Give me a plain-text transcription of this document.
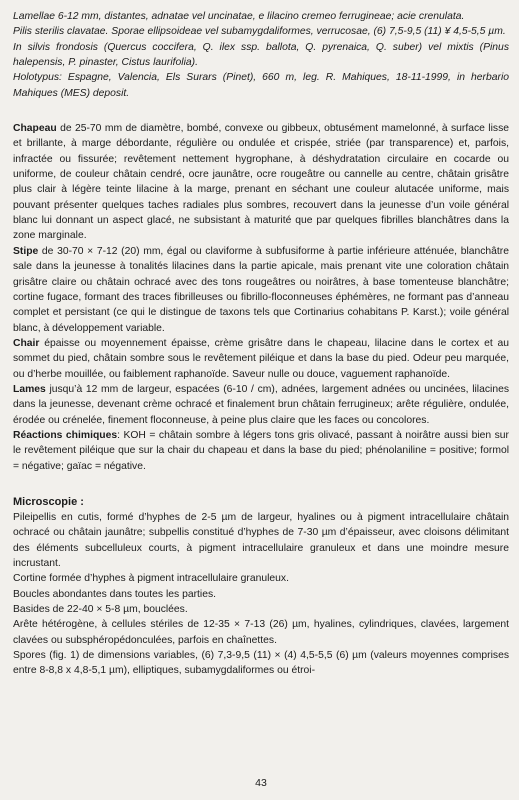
Lamellae 6-12 mm, distantes, adnatae vel uncinatae, e lilacino cremeo ferrugineae; acie crenulata.

Pilis sterilis clavatae. Sporae ellipsoideae vel subamygdaliformes, verrucosae, (6) 7,5-9,5 (11) ¥ 4,5-5,5 µm.

In silvis frondosis (Quercus coccifera, Q. ilex ssp. ballota, Q. pyrenaica, Q. suber) vel mixtis (Pinus halepensis, P. pinaster, Cistus laurifolia).

Holotypus: Espagne, Valencia, Els Surars (Pinet), 660 m, leg. R. Mahiques, 18-11-1999, in herbario Mahiques (MES) deposit.

Chapeau de 25-70 mm de diamètre, bombé, convexe ou gibbeux, obtusément mamelonné, à surface lisse et brillante, à marge débordante, régulière ou ondulée et crispée, striée (par transparence) et, parfois, infractée ou fissurée; revêtement nettement hygrophane, à déshydratation circulaire en cocarde ou uniforme, de couleur châtain cendré, ocre jaunâtre, ocre rougeâtre ou cannelle au centre, châtain grisâtre plus clair à légère teinte lilacine à la marge, prenant en séchant une couleur alutacée uniforme, mais pouvant présenter quelques taches radiales plus sombres, recouvert dans la jeunesse d’un voile général blanc lui donnant un aspect glacé, ne subsistant à maturité que par quelques fibrilles blanchâtres dans la zone marginale.

Stipe de 30-70 × 7-12 (20) mm, égal ou claviforme à subfusiforme à partie inférieure atténuée, blanchâtre sale dans la jeunesse à tonalités lilacines dans la partie apicale, mais prenant vite une coloration châtain grisâtre claire ou châtain ochracé avec des tons rougeâtres ou noirâtres, à base tomenteuse blanchâtre; cortine fugace, formant des traces fibrilleuses ou fibrillo-floconneuses éphémères, ne formant pas d’anneau complet et persistant (ce qui le distingue de taxons tels que Cortinarius cohabitans P. Karst.); voile général blanc, à développement variable.

Chair épaisse ou moyennement épaisse, crème grisâtre dans le chapeau, lilacine dans le cortex et au sommet du pied, châtain sombre sous le revêtement piléique et dans la base du pied. Odeur peu marquée, ou d’herbe mouillée, ou faiblement raphanoïde. Saveur nulle ou douce, vaguement raphanoïde.

Lames jusqu’à 12 mm de largeur, espacées (6-10 / cm), adnées, largement adnées ou uncinées, lilacines dans la jeunesse, devenant crème ochracé et finalement brun châtain ferrugineux; arête régulière, ondulée, érodée ou crénelée, finement floconneuse, à peine plus claire que les faces ou concolores.

Réactions chimiques: KOH = châtain sombre à légers tons gris olivacé, passant à noirâtre aussi bien sur le revêtement piléique que sur la chair du chapeau et dans la base du pied; phénolaniline = positive; formol = négative; gaïac = négative.

Microscopie :

Pileipellis en cutis, formé d’hyphes de 2-5 µm de largeur, hyalines ou à pigment intracellulaire châtain ochracé ou châtain jaunâtre; subpellis constitué d’hyphes de 7-30 µm d’épaisseur, avec cloisons délimitant des éléments subcelluleux courts, à pigment intracellulaire granuleux et dans une moindre mesure incrustant.

Cortine formée d’hyphes à pigment intracellulaire granuleux.

Boucles abondantes dans toutes les parties.

Basides de 22-40 × 5-8 µm, bouclées.

Arête hétérogène, à cellules stériles de 12-35 × 7-13 (26) µm, hyalines, cylindriques, clavées, largement clavées ou subsphéropédonculées, parfois en chaînettes.

Spores (fig. 1) de dimensions variables, (6) 7,3-9,5 (11) × (4) 4,5-5,5 (6) µm (valeurs moyennes comprises entre 8-8,8 x 4,8-5,1 µm), elliptiques, subamygdaliformes ou étroi-

43
